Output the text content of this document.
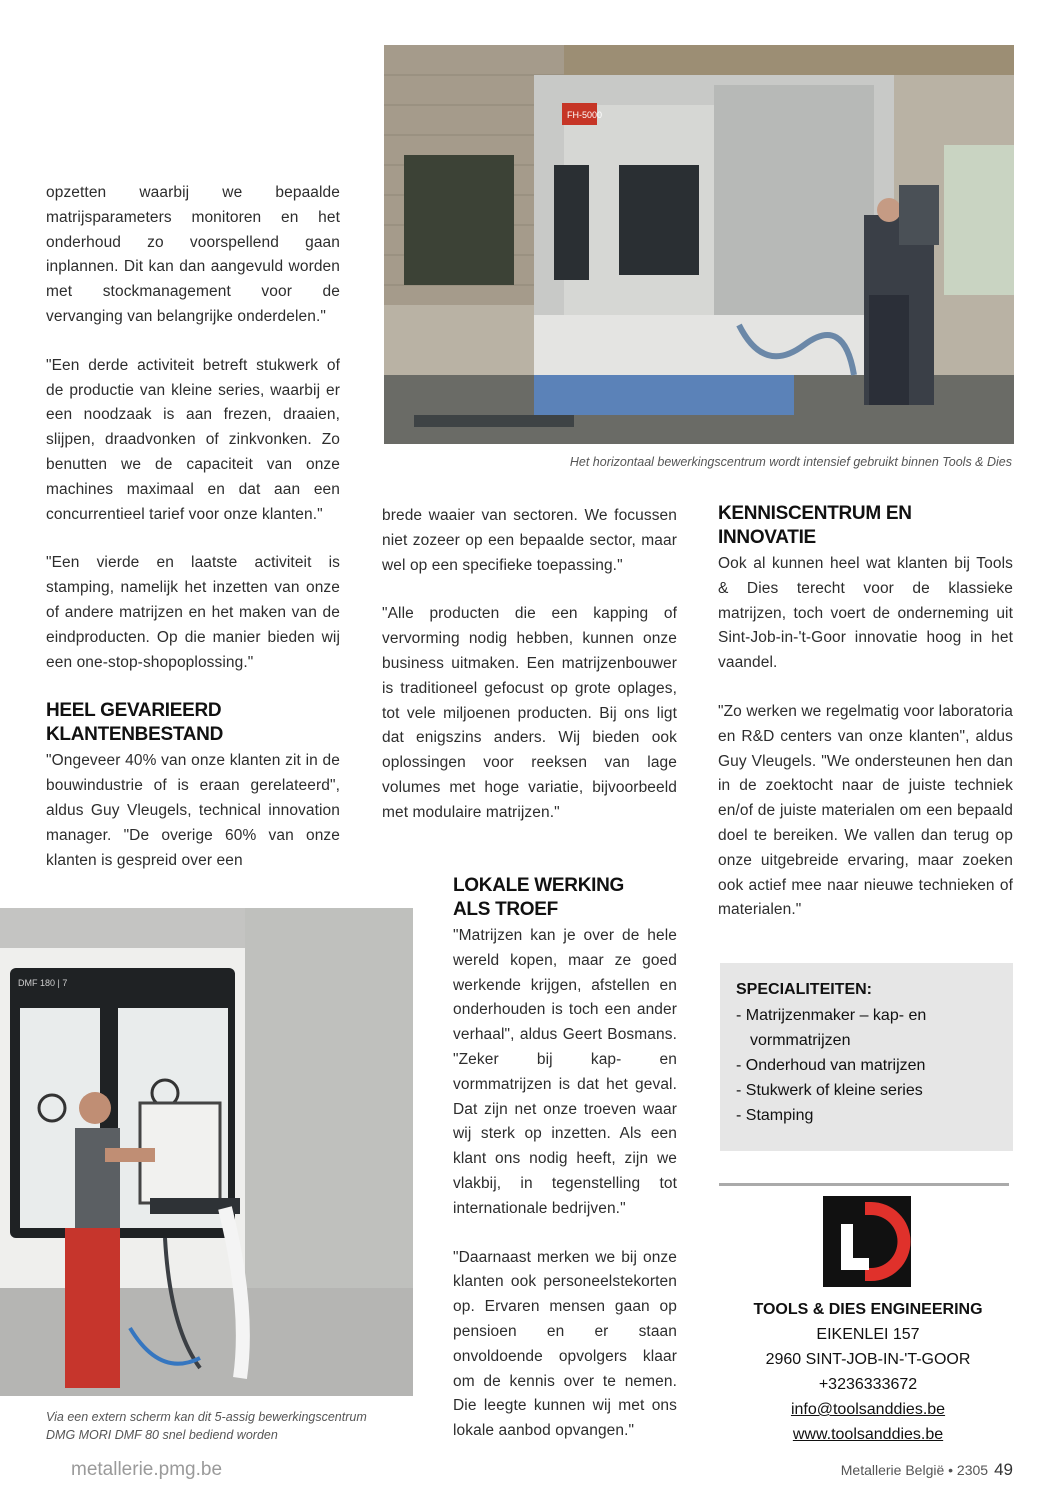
FH-5000
Het horizontaal bewerkingscentrum wordt intensief gebruikt binnen Tools & Dies

opzetten waarbij we bepaalde matrijsparameters monitoren en het onderhoud zo voorspellend gaan inplannen. Dit kan dan aangevuld worden met stockmanagement voor de vervanging van belangrijke onderdelen."

"Een derde activiteit betreft stukwerk of de productie van kleine series, waarbij er een noodzaak is aan frezen, draaien, slijpen, draadvonken of zinkvonken. Zo benutten we de capaciteit van onze machines maximaal en dat aan een concurrentieel tarief voor onze klanten."

"Een vierde en laatste activiteit is stamping, namelijk het inzetten van onze of andere matrijzen en het maken van de eindproducten. Op die manier bieden wij een one-stop-shopoplossing."

HEEL GEVARIEERD
KLANTENBESTAND

"Ongeveer 40% van onze klanten zit in de bouwindustrie of is eraan gerelateerd", aldus Guy Vleugels, technical innovation manager. "De overige 60% van onze klanten is gespreid over een

brede waaier van sectoren. We focussen niet zozeer op een bepaalde sector, maar wel op een specifieke toepassing."

"Alle producten die een kapping of vervorming nodig hebben, kunnen onze business uitmaken. Een matrijzenbouwer is traditioneel gefocust op grote oplages, tot vele miljoenen producten. Bij ons ligt dat enigszins anders. Wij bieden ook oplossingen voor reeksen van lage volumes met hoge variatie, bijvoorbeeld met modulaire matrijzen."

KENNISCENTRUM EN INNOVATIE

Ook al kunnen heel wat klanten bij Tools & Dies terecht voor de klassieke matrijzen, toch voert de onderneming uit Sint-Job-in-'t-Goor innovatie hoog in het vaandel.

"Zo werken we regelmatig voor laboratoria en R&D centers van onze klanten", aldus Guy Vleugels. "We ondersteunen hen dan in de zoektocht naar de juiste techniek en/of de juiste materialen om een bepaald doel te bereiken. We vallen dan terug op onze uitgebreide ervaring, maar zoeken ook actief mee naar nieuwe technieken of materialen."

DMF 180 | 7
Via een extern scherm kan dit 5-assig bewerkingscentrum
DMG MORI DMF 80 snel bediend worden
LOKALE WERKING
ALS TROEF

"Matrijzen kan je over de hele wereld kopen, maar ze goed werkende krijgen, afstellen en onderhouden is toch een ander verhaal", aldus Geert Bosmans. "Zeker bij kap- en vormmatrijzen is dat het geval. Dat zijn net onze troeven waar wij sterk op inzetten. Als een klant ons nodig heeft, zijn we vlakbij, in tegenstelling tot internationale bedrijven."

"Daarnaast merken we bij onze klanten ook personeelstekorten op. Ervaren mensen gaan op pensioen en er staan onvoldoende opvolgers klaar om de kennis over te nemen. Die leegte kunnen wij met ons lokale aanbod opvangen."

SPECIALITEITEN:
- Matrijzenmaker – kap- en vormmatrijzen
- Onderhoud van matrijzen
- Stukwerk of kleine series
- Stamping
TOOLS & DIES ENGINEERING
EIKENLEI 157
2960 SINT-JOB-IN-'T-GOOR
+3236333672
info@toolsanddies.be
www.toolsanddies.be
metallerie.pmg.be	Metallerie België • 2305 49
